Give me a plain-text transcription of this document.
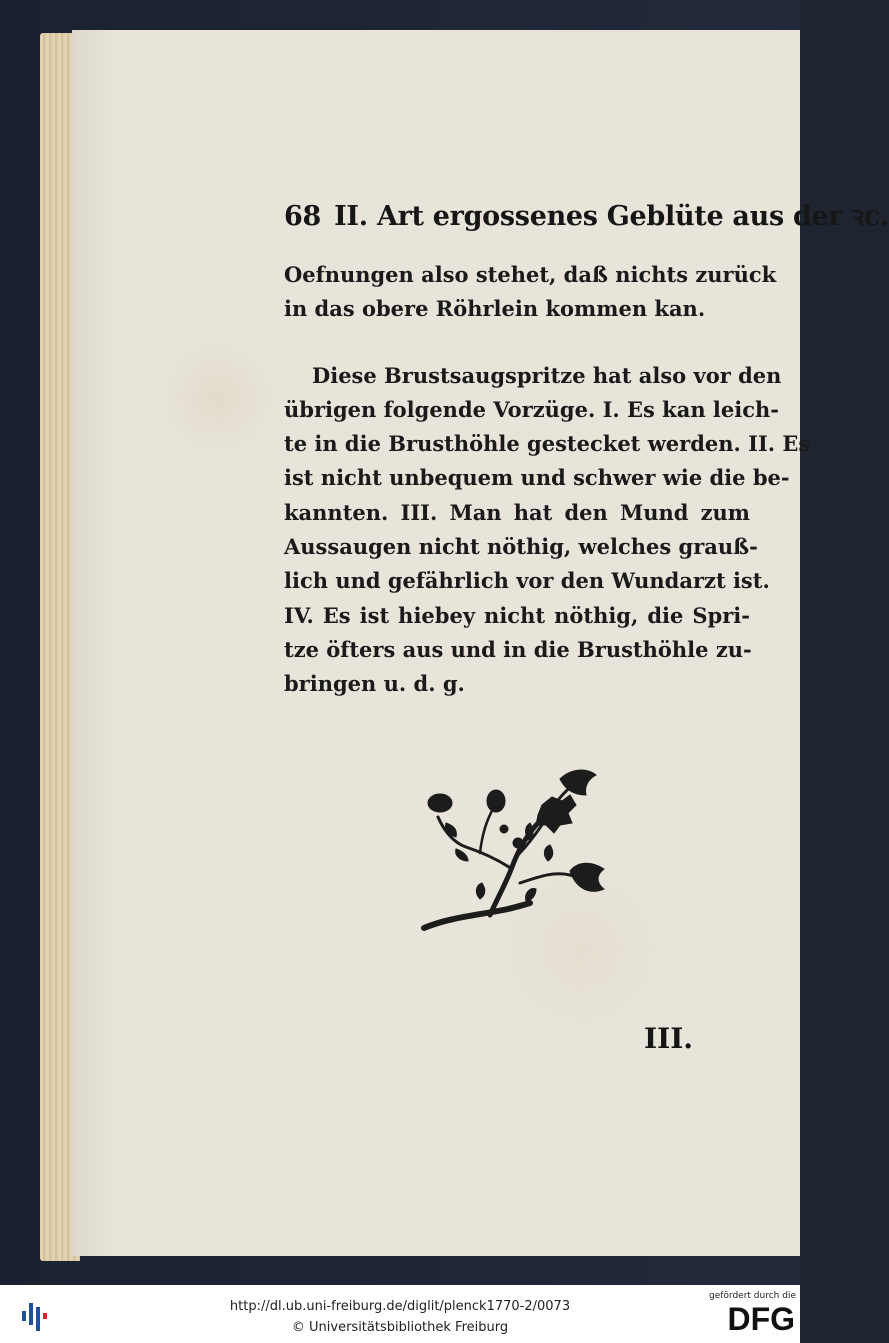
68 II. Art ergossenes Geblüte aus der ꝛc.
Oefnungen also stehet, daß nichts zurück
in das obere Röhrlein kommen kan.
Diese Brustsaugspritze hat also vor den
übrigen folgende Vorzüge. I. Es kan leich-
te in die Brusthöhle gestecket werden. II. Es
ist nicht unbequem und schwer wie die be-
kannten. III. Man hat den Mund zum
Aussaugen nicht nöthig, welches grauß-
lich und gefährlich vor den Wundarzt ist.
IV. Es ist hiebey nicht nöthig, die Spri-
tze öfters aus und in die Brusthöhle zu-
bringen u. d. g.
III.
http://dl.ub.uni-freiburg.de/diglit/plenck1770-2/0073
© Universitätsbibliothek Freiburg
gefördert durch die
DFG
